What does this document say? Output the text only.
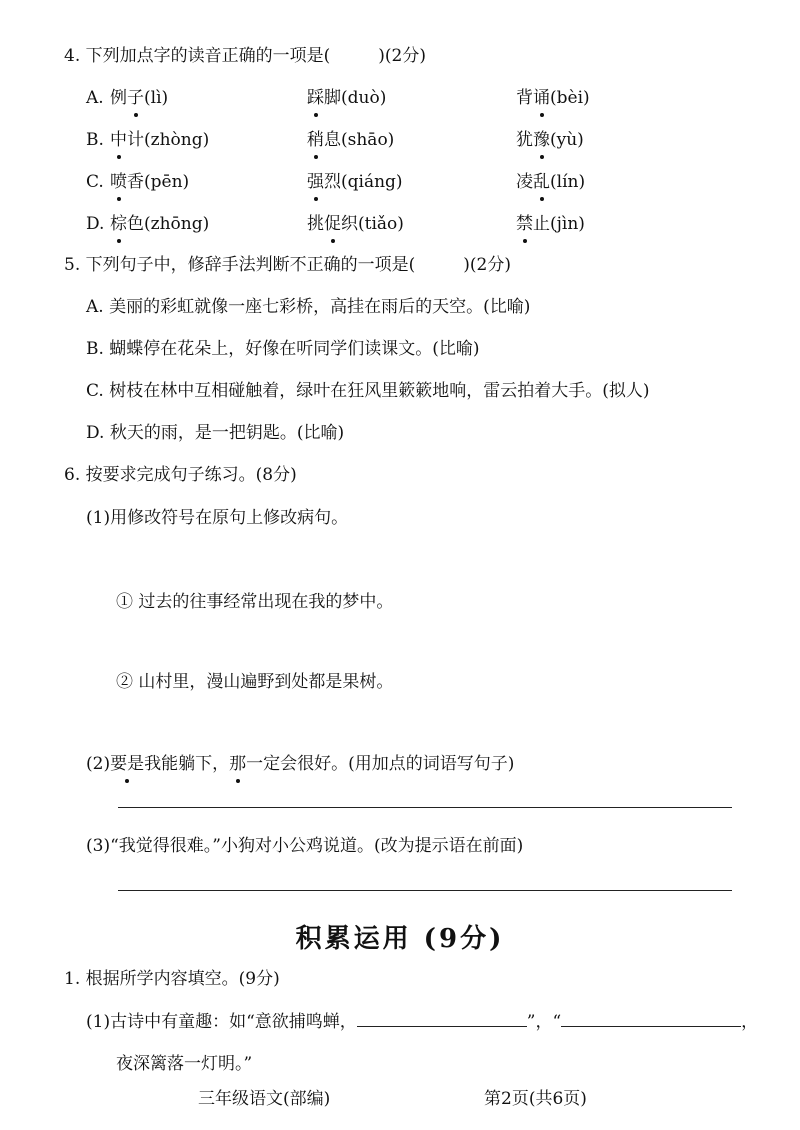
4. 下列加点字的读音正确的一项是(	)(2分)
A. 例子(lì)	踩脚(duò)	背诵(bèi)
B. 中计(zhòng)	稍息(shāo)	犹豫(yù)
C. 喷香(pēn)	强烈(qiáng)	凌乱(lín)
D. 棕色(zhōng)	挑促织(tiǎo)	禁止(jìn)
5. 下列句子中，修辞手法判断不正确的一项是(	)(2分)
A. 美丽的彩虹就像一座七彩桥，高挂在雨后的天空。(比喻)
B. 蝴蝶停在花朵上，好像在听同学们读课文。(比喻)
C. 树枝在林中互相碰触着，绿叶在狂风里簌簌地响，雷云拍着大手。(拟人)
D. 秋天的雨，是一把钥匙。(比喻)
6. 按要求完成句子练习。(8分)
(1)用修改符号在原句上修改病句。
① 过去的往事经常出现在我的梦中。
② 山村里，漫山遍野到处都是果树。
(2)要是我能躺下，那一定会很好。(用加点的词语写句子)
(3)“我觉得很难。”小狗对小公鸡说道。(改为提示语在前面)
积累运用 (9分)
1. 根据所学内容填空。(9分)
(1)古诗中有童趣：如“意欲捕鸣蝉，	”，“	，
夜深篱落一灯明。”
三年级语文(部编)	第2页(共6页)
